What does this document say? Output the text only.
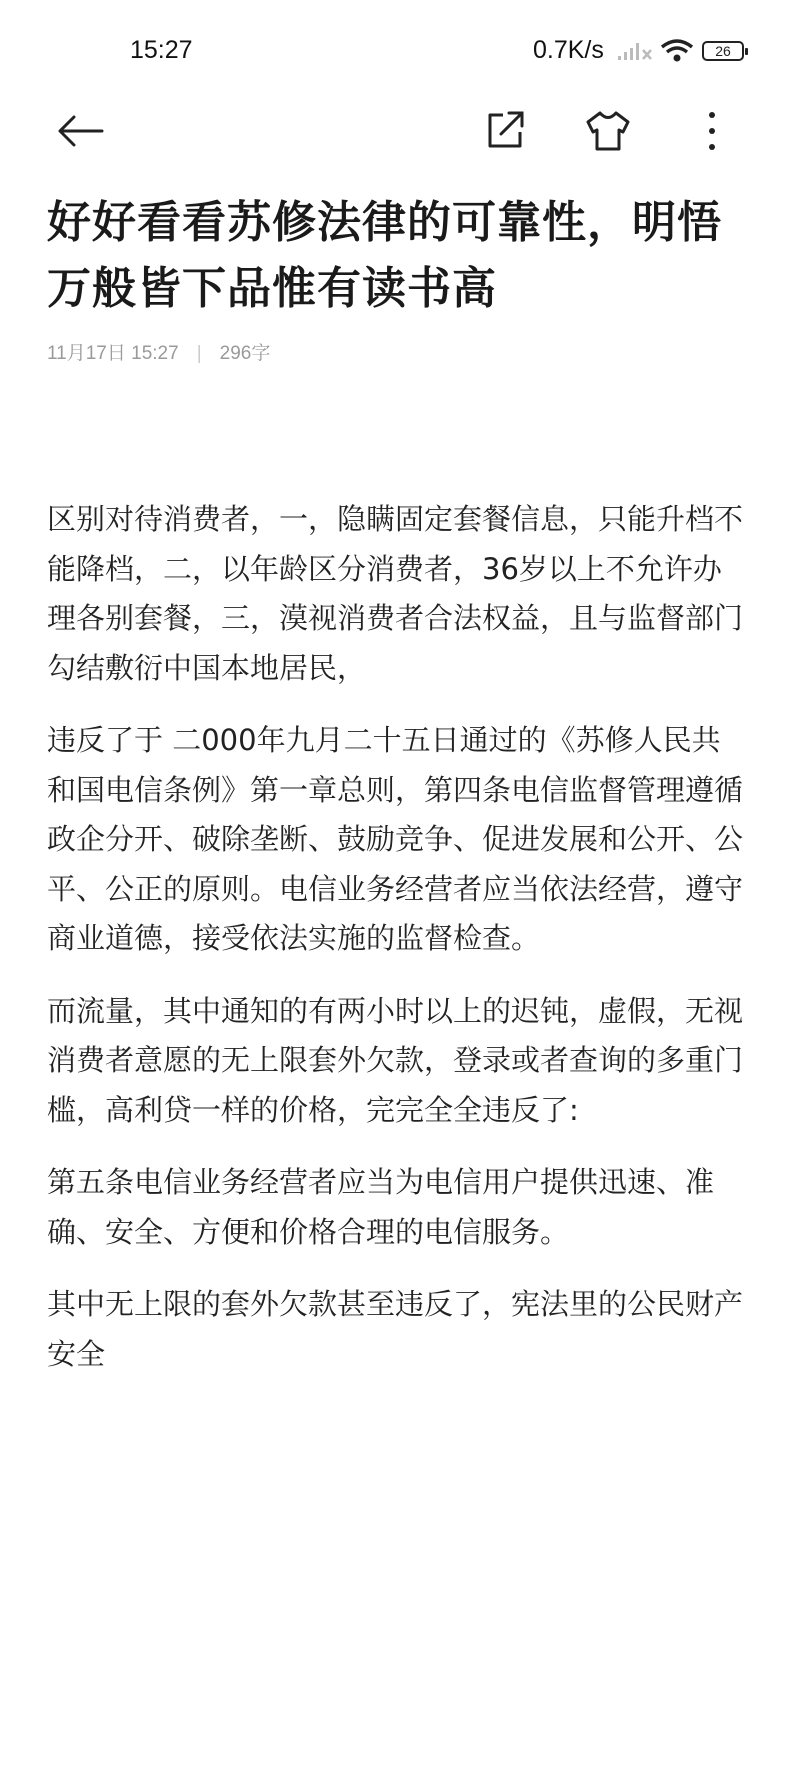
15:27	0.7K/s	26
好好看看苏修法律的可靠性，明悟万般皆下品惟有读书高
11月17日 15:27 | 296字

区别对待消费者，一，隐瞒固定套餐信息，只能升档不能降档，二，以年龄区分消费者，36岁以上不允许办理各别套餐，三，漠视消费者合法权益，且与监督部门勾结敷衍中国本地居民，

违反了于 二000年九月二十五日通过的《苏修人民共和国电信条例》第一章总则，第四条电信监督管理遵循政企分开、破除垄断、鼓励竞争、促进发展和公开、公平、公正的原则。电信业务经营者应当依法经营，遵守商业道德，接受依法实施的监督检查。

而流量，其中通知的有两小时以上的迟钝，虚假，无视消费者意愿的无上限套外欠款，登录或者查询的多重门槛，高利贷一样的价格，完完全全违反了:

第五条电信业务经营者应当为电信用户提供迅速、准确、安全、方便和价格合理的电信服务。

其中无上限的套外欠款甚至违反了，宪法里的公民财产安全
